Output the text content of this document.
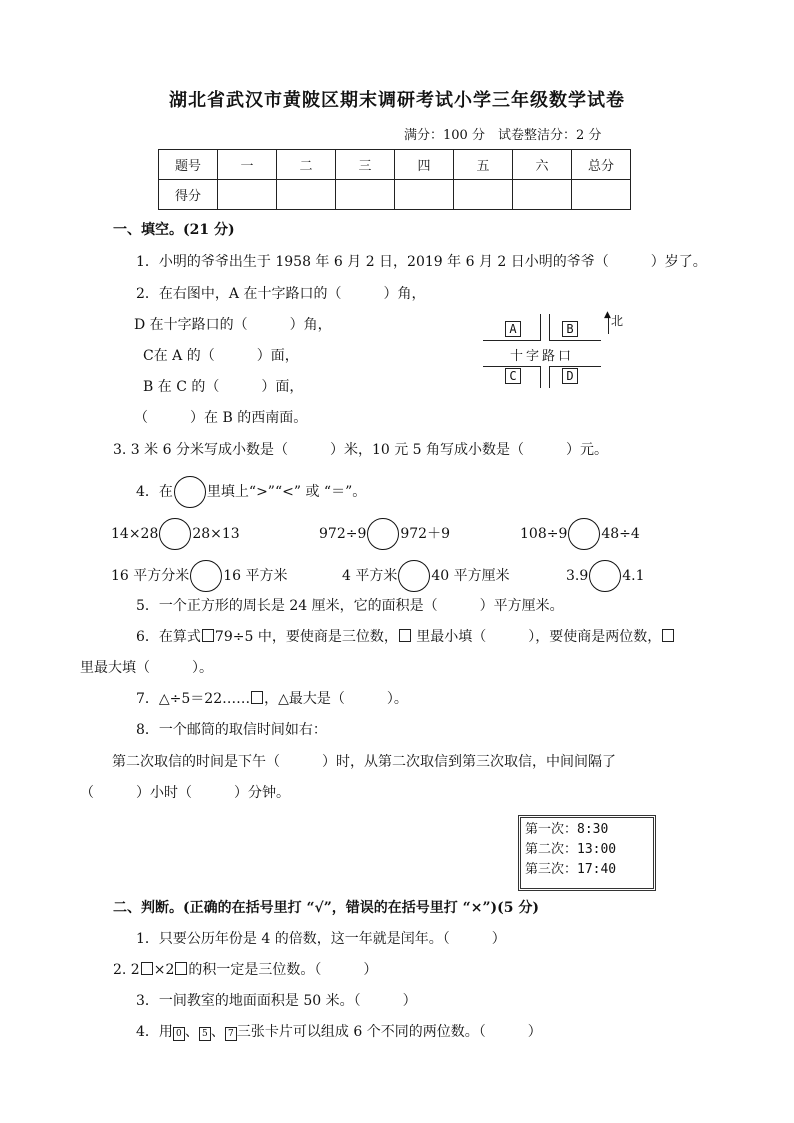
湖北省武汉市黄陂区期末调研考试小学三年级数学试卷
满分：100 分　试卷整洁分：2 分
题号	一	二	三	四	五	六	总分
得分							
一、填空。(21 分)
1．小明的爷爷出生于 1958 年 6 月 2 日，2019 年 6 月 2 日小明的爷爷（　　　）岁了。
2．在右图中，A 在十字路口的（　　　）角，
D 在十字路口的（　　　）角，
C在 A 的（　　　）面，
B 在 C 的（　　　）面，
（　　　）在 B 的西南面。
A	B
C	D
十字路口
▲ 北
3. 3 米 6 分米写成小数是（　　　）米，10 元 5 角写成小数是（　　　）元。
4．在 里填上“>”“<” 或 “＝”。
14×28 28×13	972÷9 972＋9	108÷9 48÷4
16 平方分米 16 平方米	4 平方米 40 平方厘米	3.9 4.1
5．一个正方形的周长是 24 厘米，它的面积是（　　　）平方厘米。
6．在算式 79÷5 中，要使商是三位数， 里最小填（　　　），要使商是两位数，
里最大填（　　　）。
7．△÷5＝22…… ，△最大是（　　　）。
8．一个邮筒的取信时间如右：
第二次取信的时间是下午（　　　）时，从第二次取信到第三次取信，中间间隔了
（　　　）小时（　　　）分钟。
第一次：8:30
第二次：13:00
第三次：17:40
二、判断。(正确的在括号里打 “√”，错误的在括号里打 “×”)(5 分)
1．只要公历年份是 4 的倍数，这一年就是闰年。（　　　）
2. 2 ×2 的积一定是三位数。（　　　）
3．一间教室的地面面积是 50 米。（　　　）
4．用 0 、 5 、 7 三张卡片可以组成 6 个不同的两位数。（　　　）
